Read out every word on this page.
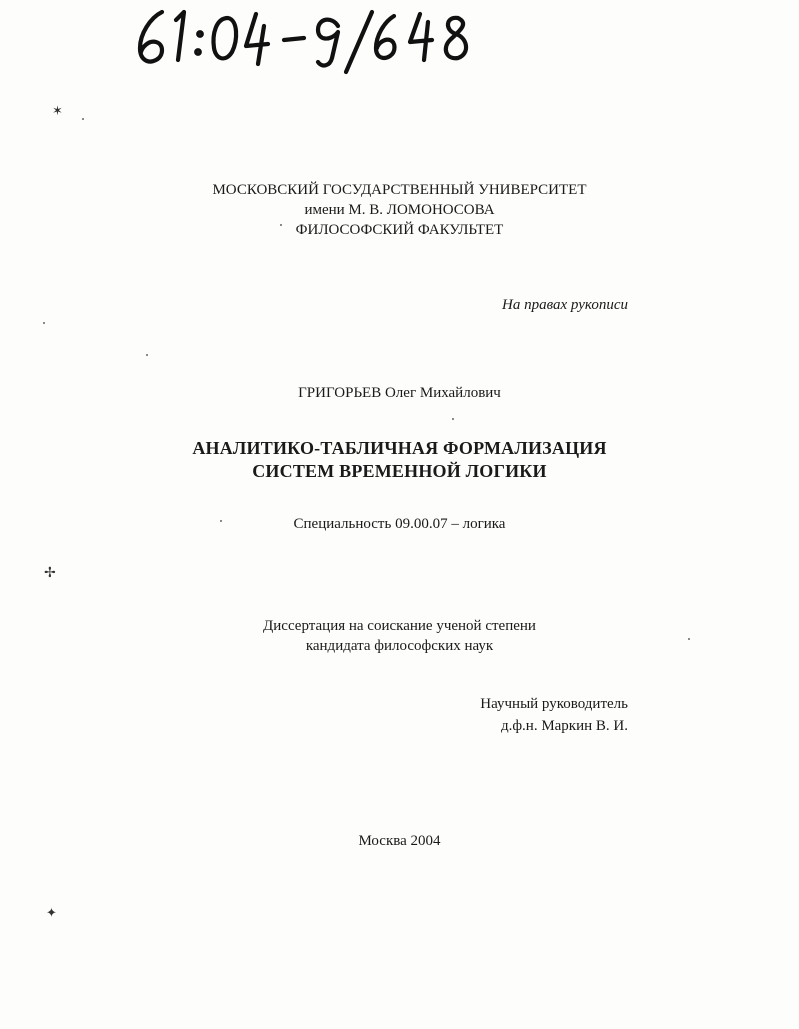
✶
✢
✦
МОСКОВСКИЙ ГОСУДАРСТВЕННЫЙ УНИВЕРСИТЕТ
имени М. В. ЛОМОНОСОВА
ФИЛОСОФСКИЙ ФАКУЛЬТЕТ
На правах рукописи
ГРИГОРЬЕВ Олег Михайлович
АНАЛИТИКО-ТАБЛИЧНАЯ ФОРМАЛИЗАЦИЯ
СИСТЕМ ВРЕМЕННОЙ ЛОГИКИ
Специальность 09.00.07 – логика
Диссертация на соискание ученой степени
кандидата философских наук
Научный руководитель
д.ф.н. Маркин В. И.
Москва 2004
